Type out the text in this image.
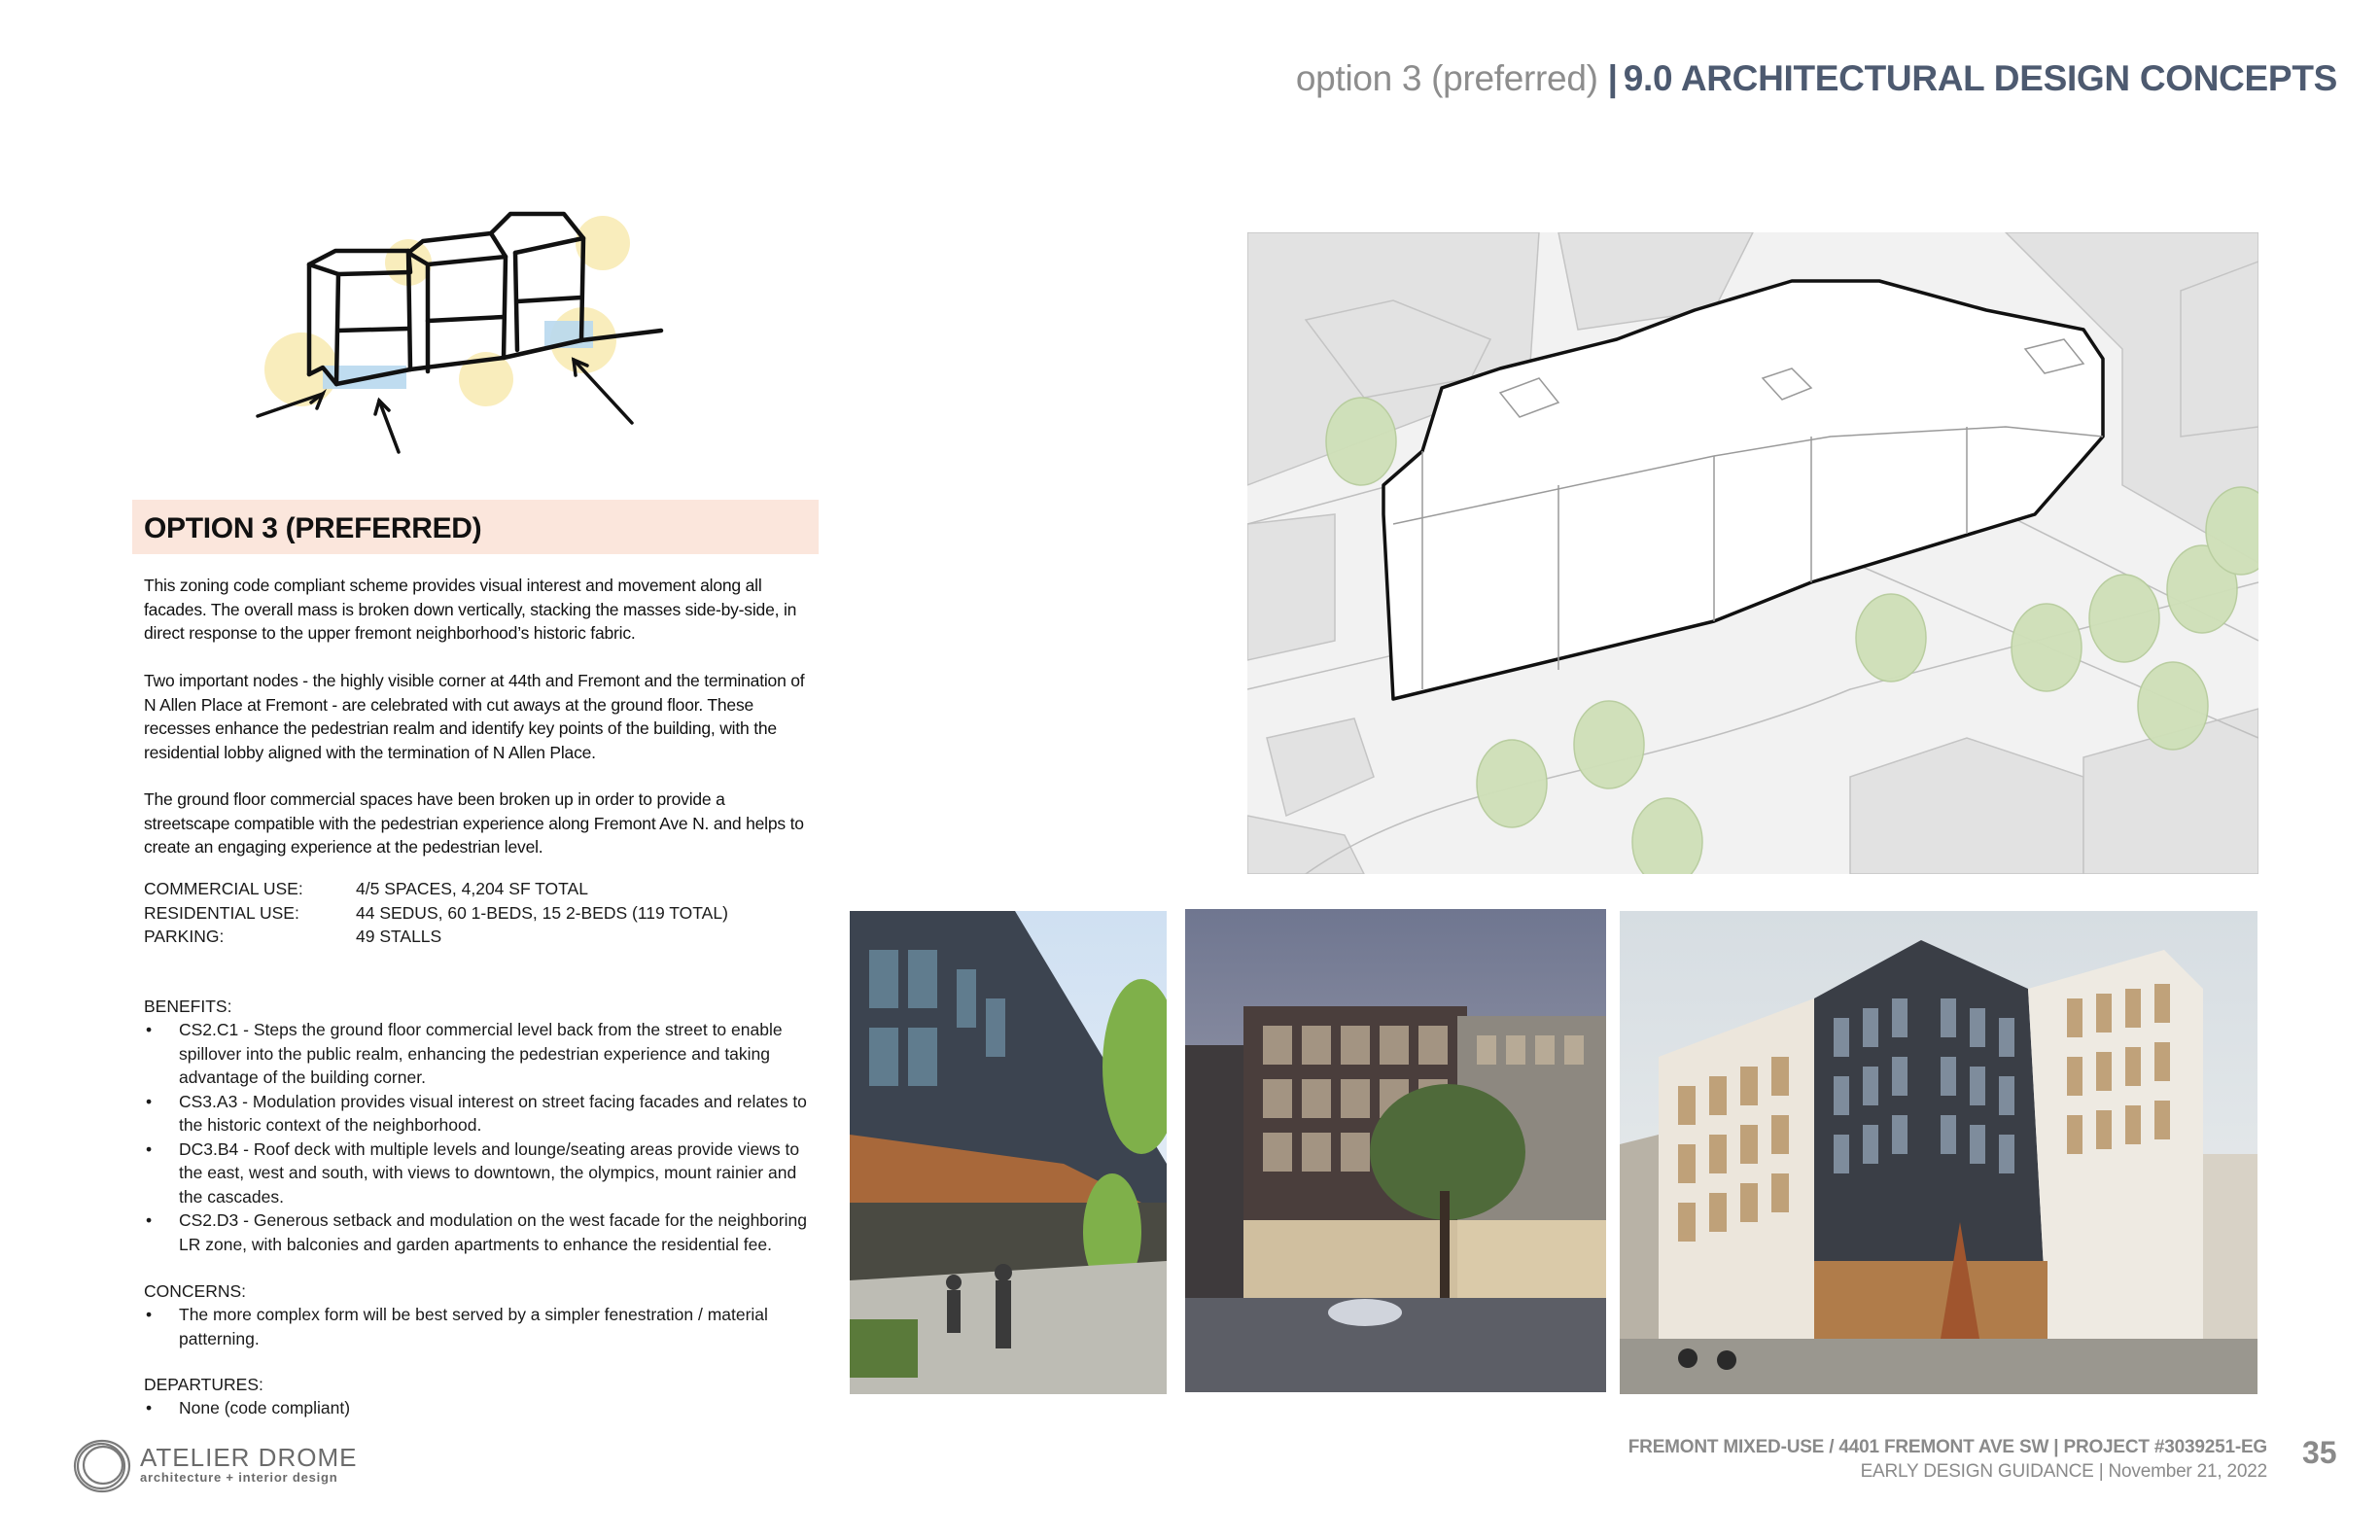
option 3 (preferred) | 9.0 ARCHITECTURAL DESIGN CONCEPTS
OPTION 3 (PREFERRED)
This zoning code compliant scheme provides visual interest and movement along all facades. The overall mass is broken down vertically, stacking the masses side-by-side, in direct response to the upper fremont neighborhood’s historic fabric.
Two important nodes - the highly visible corner at 44th and Fremont and the termination of N Allen Place at Fremont - are celebrated with cut aways at the ground floor. These recesses enhance the pedestrian realm and identify key points of the building, with the residential lobby aligned with the termination of N Allen Place.
The ground floor commercial spaces have been broken up in order to provide a streetscape compatible with the pedestrian experience along Fremont Ave N. and helps to create an engaging experience at the pedestrian level.
COMMERCIAL USE:	4/5 SPACES, 4,204 SF TOTAL
RESIDENTIAL USE:	44 SEDUS, 60 1-BEDS, 15 2-BEDS (119 TOTAL)
PARKING:	49 STALLS
BENEFITS:
• CS2.C1 - Steps the ground floor commercial level back from the street to enable spillover into the public realm, enhancing the pedestrian experience and taking advantage of the building corner.
• CS3.A3 - Modulation provides visual interest on street facing facades and relates to the historic context of the neighborhood.
• DC3.B4 - Roof deck with multiple levels and lounge/seating areas provide views to the east, west and south, with views to downtown, the olympics, mount rainier and the cascades.
• CS2.D3 - Generous setback and modulation on the west facade for the neighboring LR zone, with balconies and garden apartments to enhance the residential fee.
CONCERNS:
• The more complex form will be best served by a simpler fenestration / material patterning.
DEPARTURES:
• None (code compliant)
ATELIER DROME
architecture + interior design
FREMONT MIXED-USE / 4401 FREMONT AVE SW | PROJECT #3039251-EG
EARLY DESIGN GUIDANCE | November 21, 2022
35
